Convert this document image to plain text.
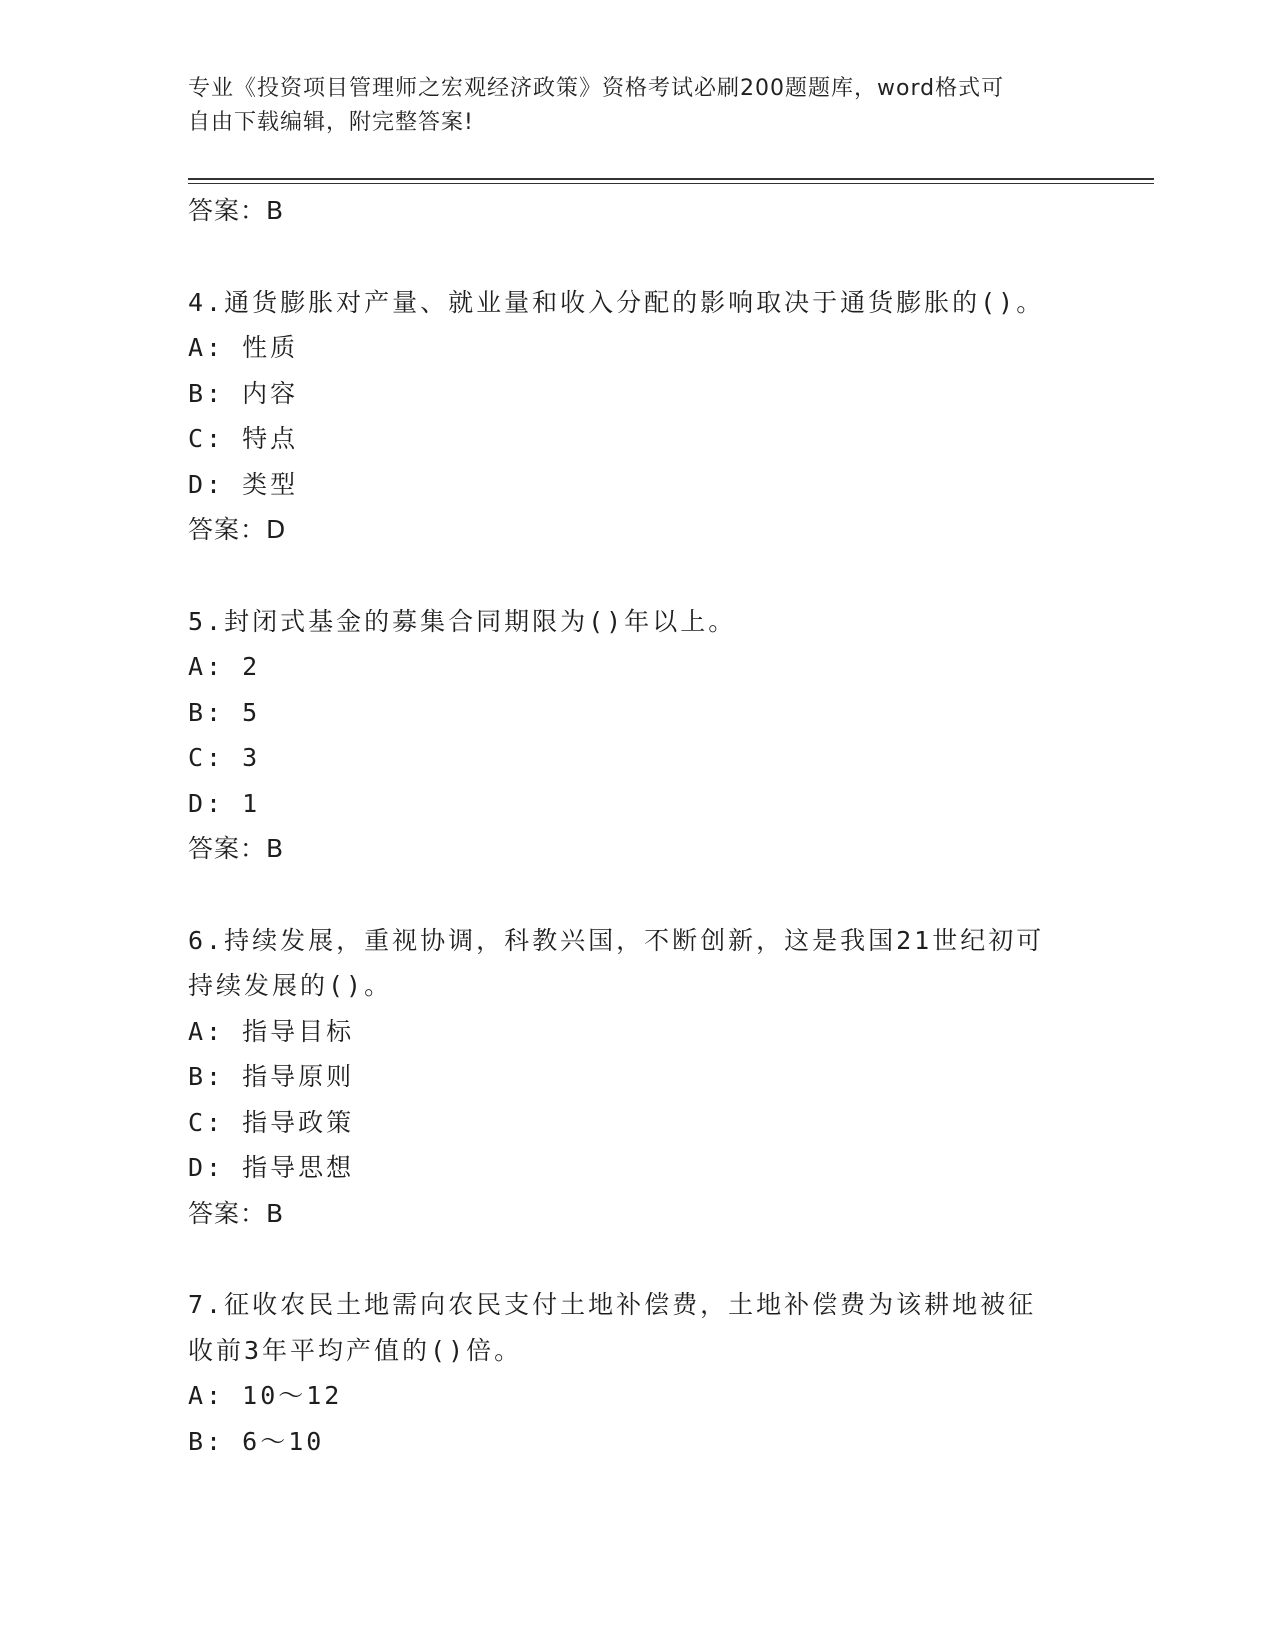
专业《投资项目管理师之宏观经济政策》资格考试必刷200题题库，word格式可
自由下载编辑，附完整答案!
答案：B
4.通货膨胀对产量、就业量和收入分配的影响取决于通货膨胀的()。
A: 性质
B: 内容
C: 特点
D: 类型
答案：D
5.封闭式基金的募集合同期限为()年以上。
A: 2
B: 5
C: 3
D: 1
答案：B
6.持续发展，重视协调，科教兴国，不断创新，这是我国21世纪初可
持续发展的()。
A: 指导目标
B: 指导原则
C: 指导政策
D: 指导思想
答案：B
7.征收农民土地需向农民支付土地补偿费，土地补偿费为该耕地被征
收前3年平均产值的()倍。
A: 10～12
B: 6～10
